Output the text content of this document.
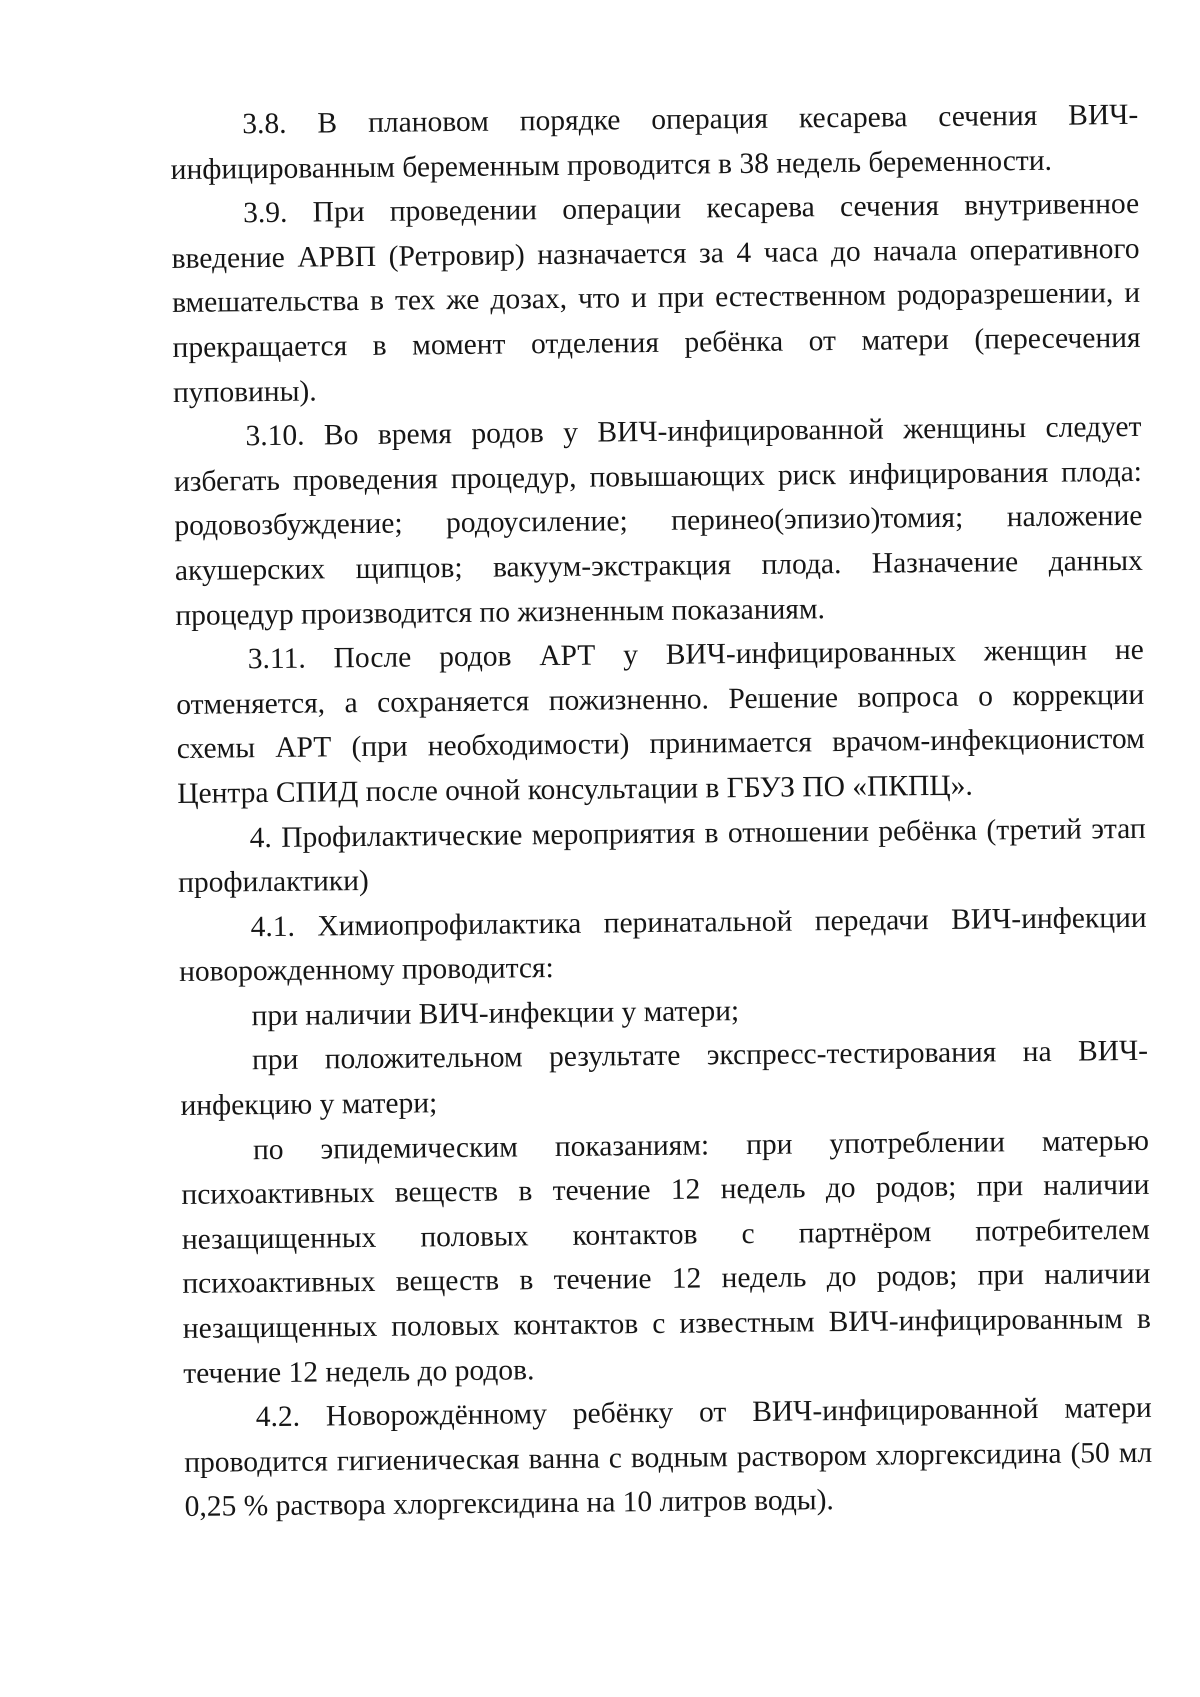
3.8. В плановом порядке операция кесарева сечения ВИЧ-инфицированным беременным проводится в 38 недель беременности.

3.9. При проведении операции кесарева сечения внутривенное введение АРВП (Ретровир) назначается за 4 часа до начала оперативного вмешательства в тех же дозах, что и при естественном родоразрешении, и прекращается в момент отделения ребёнка от матери (пересечения пуповины).

3.10. Во время родов у ВИЧ-инфицированной женщины следует избегать проведения процедур, повышающих риск инфицирования плода: родовозбуждение; родоусиление; перинео(эпизио)томия; наложение акушерских щипцов; вакуум-экстракция плода. Назначение данных процедур производится по жизненным показаниям.

3.11. После родов АРТ у ВИЧ-инфицированных женщин не отменяется, а сохраняется пожизненно. Решение вопроса о коррекции схемы АРТ (при необходимости) принимается врачом-инфекционистом Центра СПИД после очной консультации в ГБУЗ ПО «ПКПЦ».

4. Профилактические мероприятия в отношении ребёнка (третий этап профилактики)

4.1. Химиопрофилактика перинатальной передачи ВИЧ-инфекции новорожденному проводится:

при наличии ВИЧ-инфекции у матери;

при положительном результате экспресс-тестирования на ВИЧ-инфекцию у матери;

по эпидемическим показаниям: при употреблении матерью психоактивных веществ в течение 12 недель до родов; при наличии незащищенных половых контактов с партнёром потребителем психоактивных веществ в течение 12 недель до родов; при наличии незащищенных половых контактов с известным ВИЧ-инфицированным в течение 12 недель до родов.

4.2. Новорождённому ребёнку от ВИЧ-инфицированной матери проводится гигиеническая ванна с водным раствором хлоргексидина (50 мл 0,25 % раствора хлоргексидина на 10 литров воды).
